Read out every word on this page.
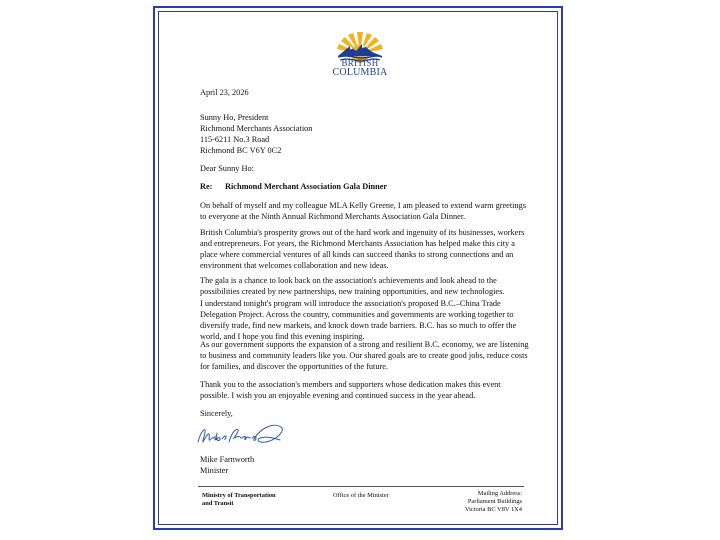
BRITISH
COLUMBIA
April 23, 2026
Sunny Ho, President
Richmond Merchants Association
115-6211 No.3 Road
Richmond BC V6Y 0C2
Dear Sunny Ho:
Re: Richmond Merchant Association Gala Dinner
On behalf of myself and my colleague MLA Kelly Greene, I am pleased to extend warm greetings to everyone at the Ninth Annual Richmond Merchants Association Gala Dinner.
British Columbia's prosperity grows out of the hard work and ingenuity of its businesses, workers and entrepreneurs. For years, the Richmond Merchants Association has helped make this city a place where commercial ventures of all kinds can succeed thanks to strong connections and an environment that welcomes collaboration and new ideas.
The gala is a chance to look back on the association's achievements and look ahead to the possibilities created by new partnerships, new training opportunities, and new technologies.
I understand tonight's program will introduce the association's proposed B.C.–China Trade Delegation Project. Across the country, communities and governments are working together to diversify trade, find new markets, and knock down trade barriers. B.C. has so much to offer the world, and I hope you find this evening inspiring.
As our government supports the expansion of a strong and resilient B.C. economy, we are listening to business and community leaders like you. Our shared goals are to create good jobs, reduce costs for families, and discover the opportunities of the future.
Thank you to the association's members and supporters whose dedication makes this event possible. I wish you an enjoyable evening and continued success in the year ahead.
Sincerely,
Mike Farnworth
Minister
Ministry of Transportation
and Transit
Office of the Minister	Mailing Address:
Parliament Buildings
Victoria BC V8V 1X4
